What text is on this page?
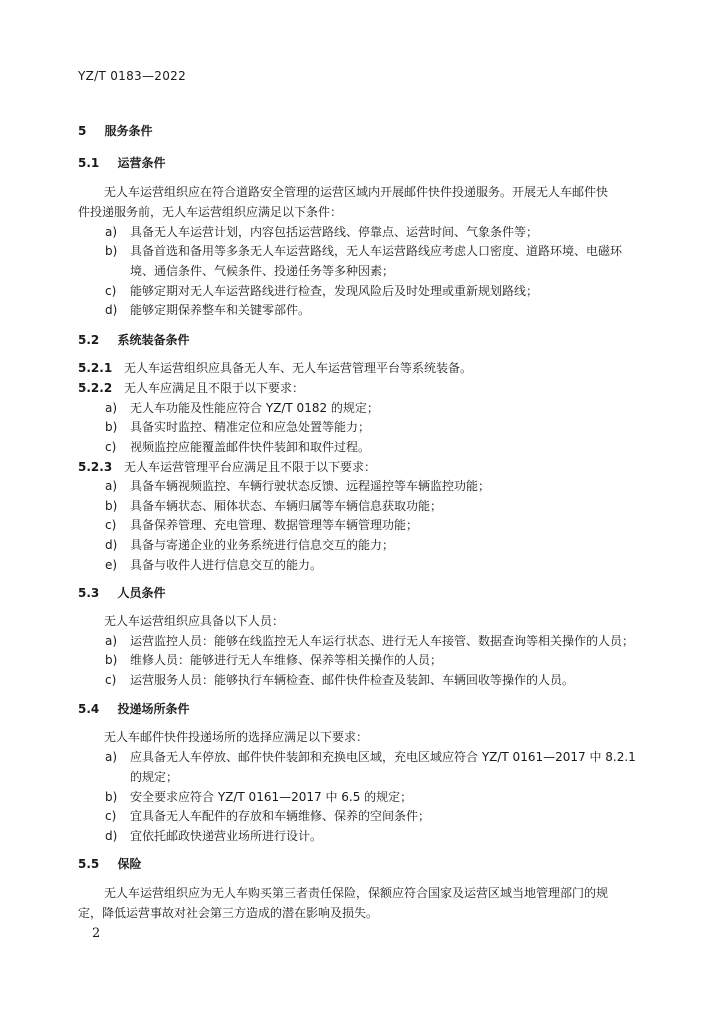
YZ/T 0183—2022
5 服务条件
5.1 运营条件
无人车运营组织应在符合道路安全管理的运营区域内开展邮件快件投递服务。开展无人车邮件快
件投递服务前，无人车运营组织应满足以下条件：
a) 具备无人车运营计划，内容包括运营路线、停靠点、运营时间、气象条件等；
b) 具备首选和备用等多条无人车运营路线，无人车运营路线应考虑人口密度、道路环境、电磁环
境、通信条件、气候条件、投递任务等多种因素；
c) 能够定期对无人车运营路线进行检查，发现风险后及时处理或重新规划路线；
d) 能够定期保养整车和关键零部件。
5.2 系统装备条件
5.2.1 无人车运营组织应具备无人车、无人车运营管理平台等系统装备。
5.2.2 无人车应满足且不限于以下要求：
a) 无人车功能及性能应符合 YZ/T 0182 的规定；
b) 具备实时监控、精准定位和应急处置等能力；
c) 视频监控应能覆盖邮件快件装卸和取件过程。
5.2.3 无人车运营管理平台应满足且不限于以下要求：
a) 具备车辆视频监控、车辆行驶状态反馈、远程遥控等车辆监控功能；
b) 具备车辆状态、厢体状态、车辆归属等车辆信息获取功能；
c) 具备保养管理、充电管理、数据管理等车辆管理功能；
d) 具备与寄递企业的业务系统进行信息交互的能力；
e) 具备与收件人进行信息交互的能力。
5.3 人员条件
无人车运营组织应具备以下人员：
a) 运营监控人员：能够在线监控无人车运行状态、进行无人车接管、数据查询等相关操作的人员；
b) 维修人员：能够进行无人车维修、保养等相关操作的人员；
c) 运营服务人员：能够执行车辆检查、邮件快件检查及装卸、车辆回收等操作的人员。
5.4 投递场所条件
无人车邮件快件投递场所的选择应满足以下要求：
a) 应具备无人车停放、邮件快件装卸和充换电区域，充电区域应符合 YZ/T 0161—2017 中 8.2.1
的规定；
b) 安全要求应符合 YZ/T 0161—2017 中 6.5 的规定；
c) 宜具备无人车配件的存放和车辆维修、保养的空间条件；
d) 宜依托邮政快递营业场所进行设计。
5.5 保险
无人车运营组织应为无人车购买第三者责任保险，保额应符合国家及运营区域当地管理部门的规
定，降低运营事故对社会第三方造成的潜在影响及损失。
2
